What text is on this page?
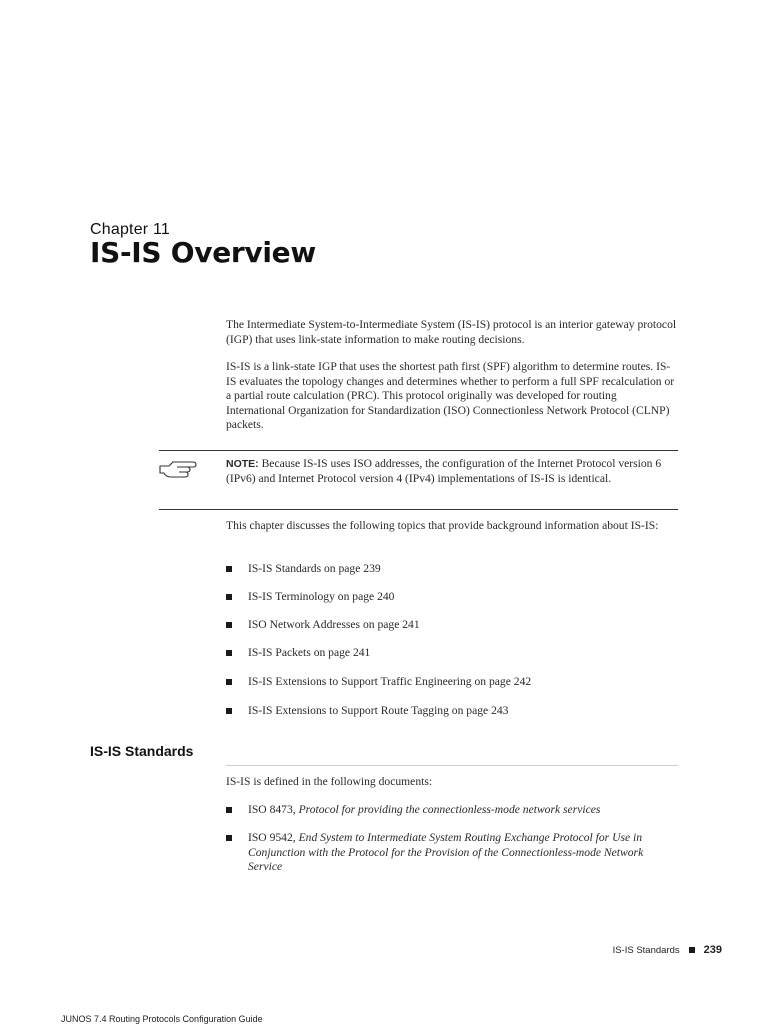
Chapter 11
IS-IS Overview
The Intermediate System-to-Intermediate System (IS-IS) protocol is an interior gateway protocol (IGP) that uses link-state information to make routing decisions.
IS-IS is a link-state IGP that uses the shortest path first (SPF) algorithm to determine routes. IS-IS evaluates the topology changes and determines whether to perform a full SPF recalculation or a partial route calculation (PRC). This protocol originally was developed for routing International Organization for Standardization (ISO) Connectionless Network Protocol (CLNP) packets.
NOTE: Because IS-IS uses ISO addresses, the configuration of the Internet Protocol version 6 (IPv6) and Internet Protocol version 4 (IPv4) implementations of IS-IS is identical.
This chapter discusses the following topics that provide background information about IS-IS:
IS-IS Standards on page 239
IS-IS Terminology on page 240
ISO Network Addresses on page 241
IS-IS Packets on page 241
IS-IS Extensions to Support Traffic Engineering on page 242
IS-IS Extensions to Support Route Tagging on page 243
IS-IS Standards
IS-IS is defined in the following documents:
ISO 8473, Protocol for providing the connectionless-mode network services
ISO 9542, End System to Intermediate System Routing Exchange Protocol for Use in Conjunction with the Protocol for the Provision of the Connectionless-mode Network Service
IS-IS Standards 239
JUNOS 7.4 Routing Protocols Configuration Guide
